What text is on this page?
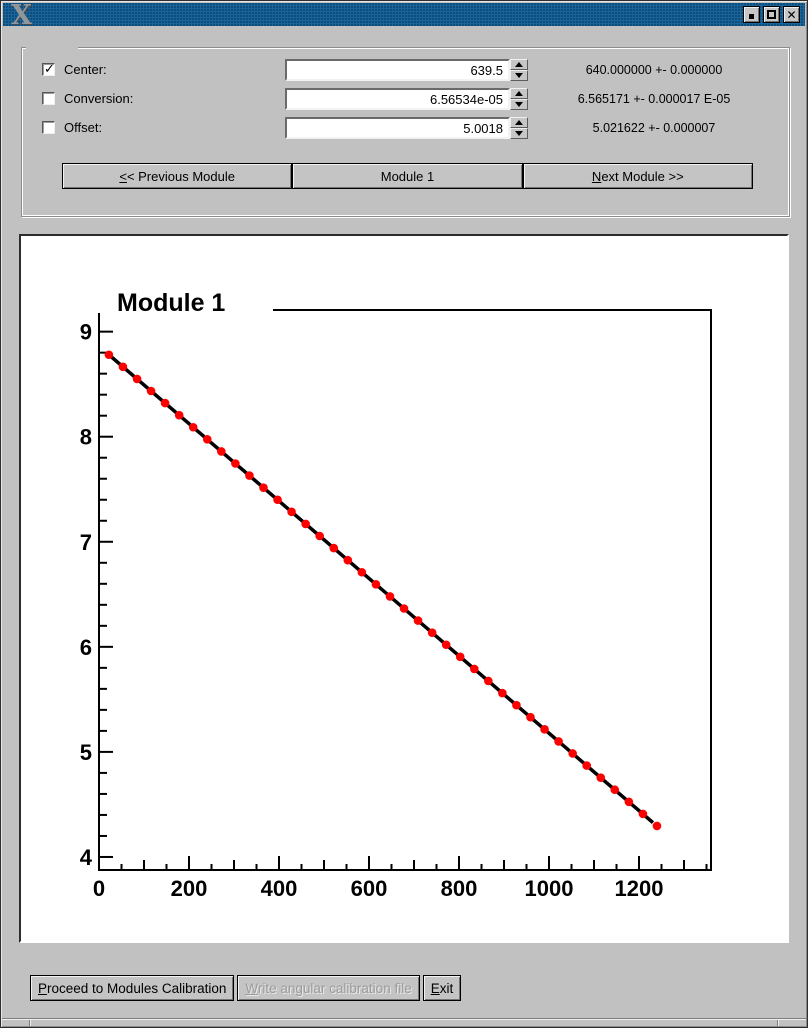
X	✕
✓ Center:
639.5	640.000000 +- 0.000000
Conversion:
6.56534e-05	6.565171 +- 0.000017 E-05
Offset:
5.0018	5.021622 +- 0.000007
<< Previous Module	Module 1	Next Module >>
4
5
6
7
8
9
0	200 400 600 800 1000 1200
Module 1
Proceed to Modules Calibration Write angular calibration file Exit
